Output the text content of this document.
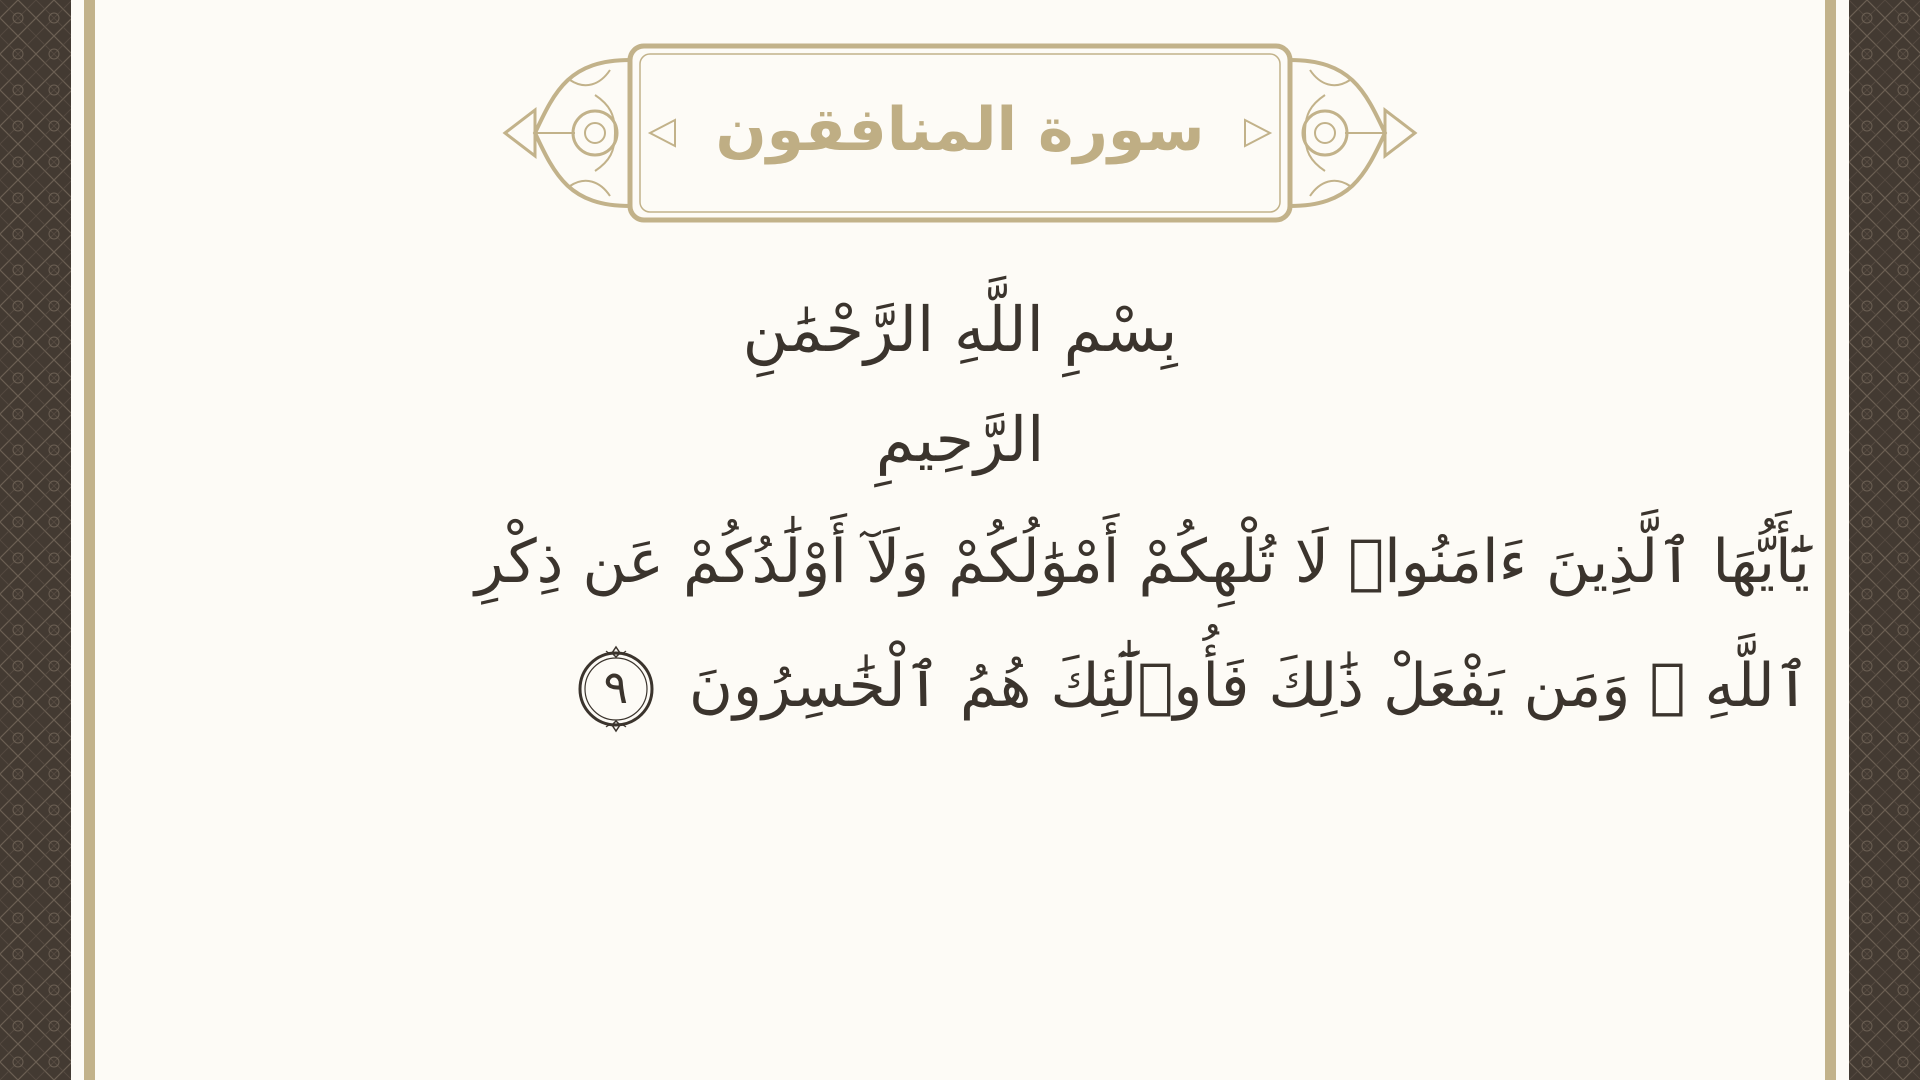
سورة المنافقون
بِسْمِ اللَّهِ الرَّحْمَٰنِ الرَّحِيمِ
يَٰٓأَيُّهَا ٱلَّذِينَ ءَامَنُوا۟ لَا تُلْهِكُمْ أَمْوَٰلُكُمْ وَلَآ أَوْلَٰدُكُمْ عَن ذِكْرِ ٱللَّهِ ۚ وَمَن يَفْعَلْ ذَٰلِكَ فَأُو۟لَٰٓئِكَ هُمُ ٱلْخَٰسِرُونَ
٩
